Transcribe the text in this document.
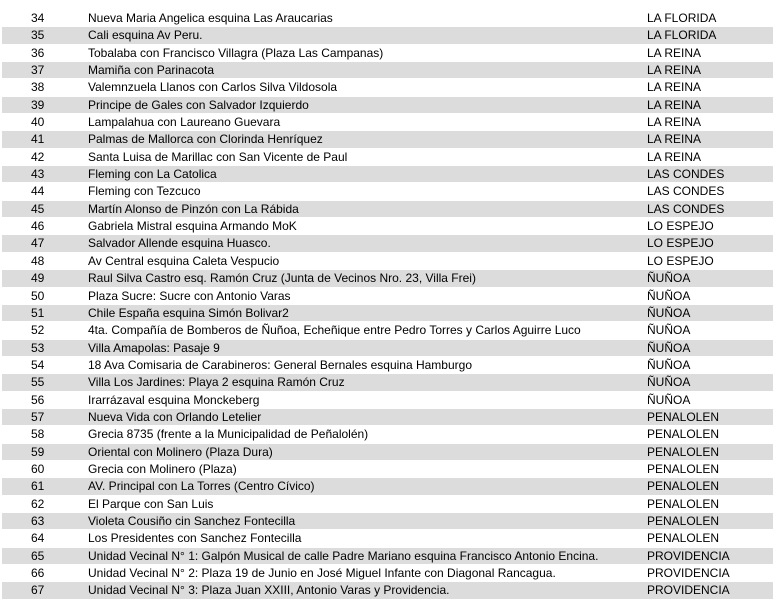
34	Nueva Maria Angelica esquina Las Araucarias	LA FLORIDA
35	Cali esquina Av Peru.	LA FLORIDA
36	Tobalaba con Francisco Villagra (Plaza Las Campanas)	LA REINA
37	Mamiña con Parinacota	LA REINA
38	Valemnzuela Llanos con Carlos Silva Vildosola	LA REINA
39	Principe de Gales con Salvador Izquierdo	LA REINA
40	Lampalahua con Laureano Guevara	LA REINA
41	Palmas de Mallorca con Clorinda Henríquez	LA REINA
42	Santa Luisa de Marillac con San Vicente de Paul	LA REINA
43	Fleming con La Catolica	LAS CONDES
44	Fleming con Tezcuco	LAS CONDES
45	Martín Alonso de Pinzón con La Rábida	LAS CONDES
46	Gabriela Mistral esquina Armando MoK	LO ESPEJO
47	Salvador Allende esquina Huasco.	LO ESPEJO
48	Av Central esquina Caleta Vespucio	LO ESPEJO
49	Raul Silva Castro esq. Ramón Cruz (Junta de Vecinos Nro. 23, Villa Frei)	ÑUÑOA
50	Plaza Sucre: Sucre con Antonio Varas	ÑUÑOA
51	Chile España esquina Simón Bolivar2	ÑUÑOA
52	4ta. Compañía de Bomberos de Ñuñoa, Echeñique entre Pedro Torres y Carlos Aguirre Luco	ÑUÑOA
53	Villa Amapolas: Pasaje 9	ÑUÑOA
54	18 Ava Comisaria de Carabineros: General Bernales esquina Hamburgo	ÑUÑOA
55	Villa Los Jardines: Playa 2 esquina Ramón Cruz	ÑUÑOA
56	Irarrázaval esquina Monckeberg	ÑUÑOA
57	Nueva Vida con Orlando Letelier	PENALOLEN
58	Grecia 8735 (frente a la Municipalidad de Peñalolén)	PENALOLEN
59	Oriental con Molinero (Plaza Dura)	PENALOLEN
60	Grecia con Molinero (Plaza)	PENALOLEN
61	AV. Principal con La Torres (Centro Cívico)	PENALOLEN
62	El Parque con San Luis	PENALOLEN
63	Violeta Cousiño cin Sanchez Fontecilla	PENALOLEN
64	Los Presidentes con Sanchez Fontecilla	PENALOLEN
65	Unidad Vecinal N° 1: Galpón Musical de calle Padre Mariano esquina Francisco Antonio Encina.	PROVIDENCIA
66	Unidad Vecinal N° 2: Plaza 19 de Junio en José Miguel Infante con Diagonal Rancagua.	PROVIDENCIA
67	Unidad Vecinal N° 3: Plaza Juan XXIII, Antonio Varas y Providencia.	PROVIDENCIA
